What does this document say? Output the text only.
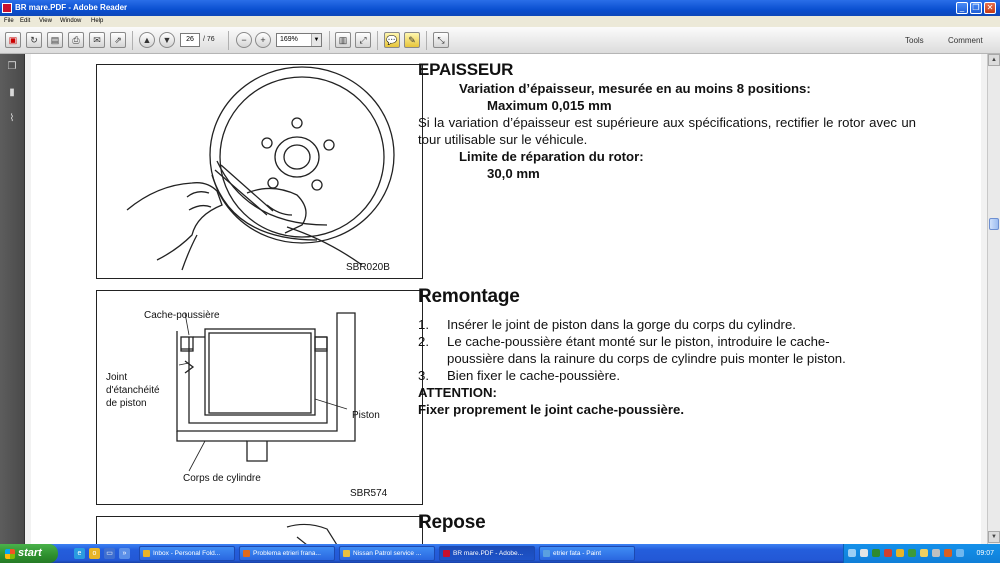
BR mare.PDF - Adobe Reader	_	❐ ✕
File Edit View Window Help
▣	↻	▤	⎙	✉	⇗	▲	▼	26	/ 76	−	+	169%	▼	▥	⤢	💬	✎	⤡	Tools	Comment
❐
▮
⌇
SBR020B
Cache-poussière
Joint
d'étanchéité
de piston
Piston
Corps de cylindre
SBR574
EPAISSEUR
Variation d’épaisseur, mesurée en au moins 8 positions:
Maximum 0,015 mm
Si la variation d’épaisseur est supérieure aux spécifications, rectifier le rotor avec un tour utilisable sur le véhicule.
Limite de réparation du rotor:
30,0 mm
Remontage
1. Insérer le joint de piston dans la gorge du corps du cylindre.
2. Le cache-poussière étant monté sur le piston, introduire le cache-
poussière dans la rainure du corps de cylindre puis monter le piston.
3. Bien fixer le cache-poussière.
ATTENTION:
Fixer proprement le joint cache-poussière.
Repose
▲
▼
start	e	o	▭	»	Inbox - Personal Fold...	Problema etrieri frana...	Nissan Patrol service ...	BR mare.PDF - Adobe...	etrier fata - Paint	09:07
